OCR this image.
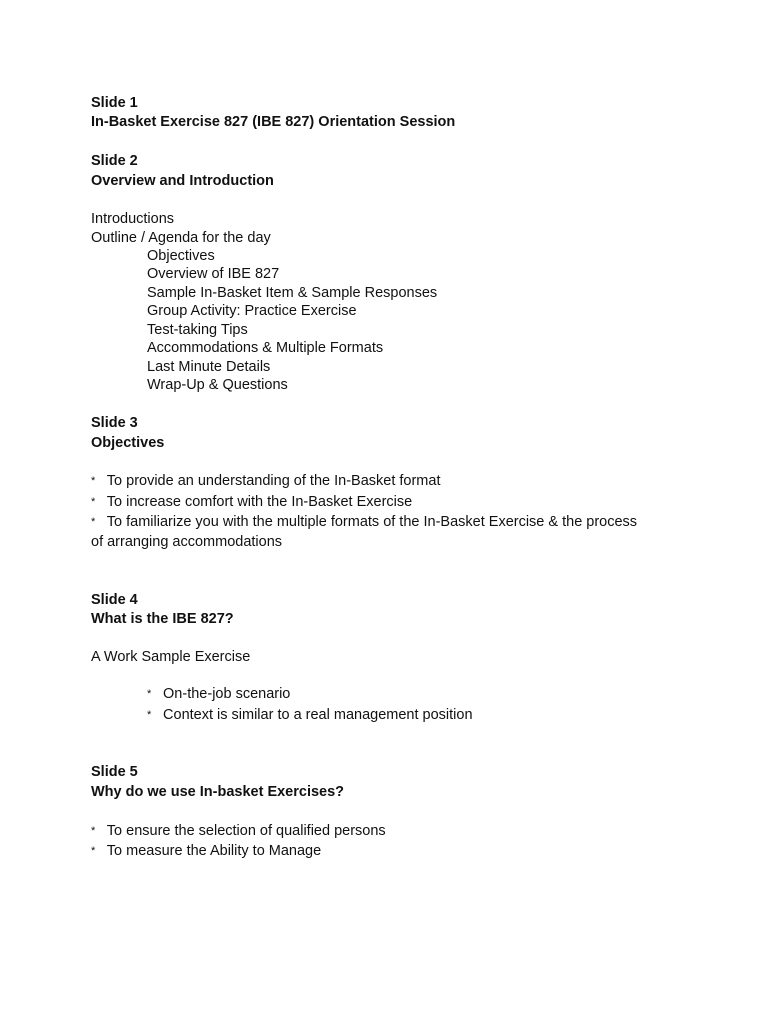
Slide 1
In-Basket Exercise 827 (IBE 827) Orientation Session
Slide 2
Overview and Introduction
Introductions
Outline / Agenda for the day
Objectives
Overview of IBE 827
Sample In-Basket Item & Sample Responses
Group Activity: Practice Exercise
Test-taking Tips
Accommodations & Multiple Formats
Last Minute Details
Wrap-Up & Questions
Slide 3
Objectives
* To provide an understanding of the In-Basket format
* To increase comfort with the In-Basket Exercise
* To familiarize you with the multiple formats of the In-Basket Exercise & the process
of arranging accommodations
Slide 4
What is the IBE 827?
A Work Sample Exercise
* On-the-job scenario
* Context is similar to a real management position
Slide 5
Why do we use In-basket Exercises?
* To ensure the selection of qualified persons
* To measure the Ability to Manage
